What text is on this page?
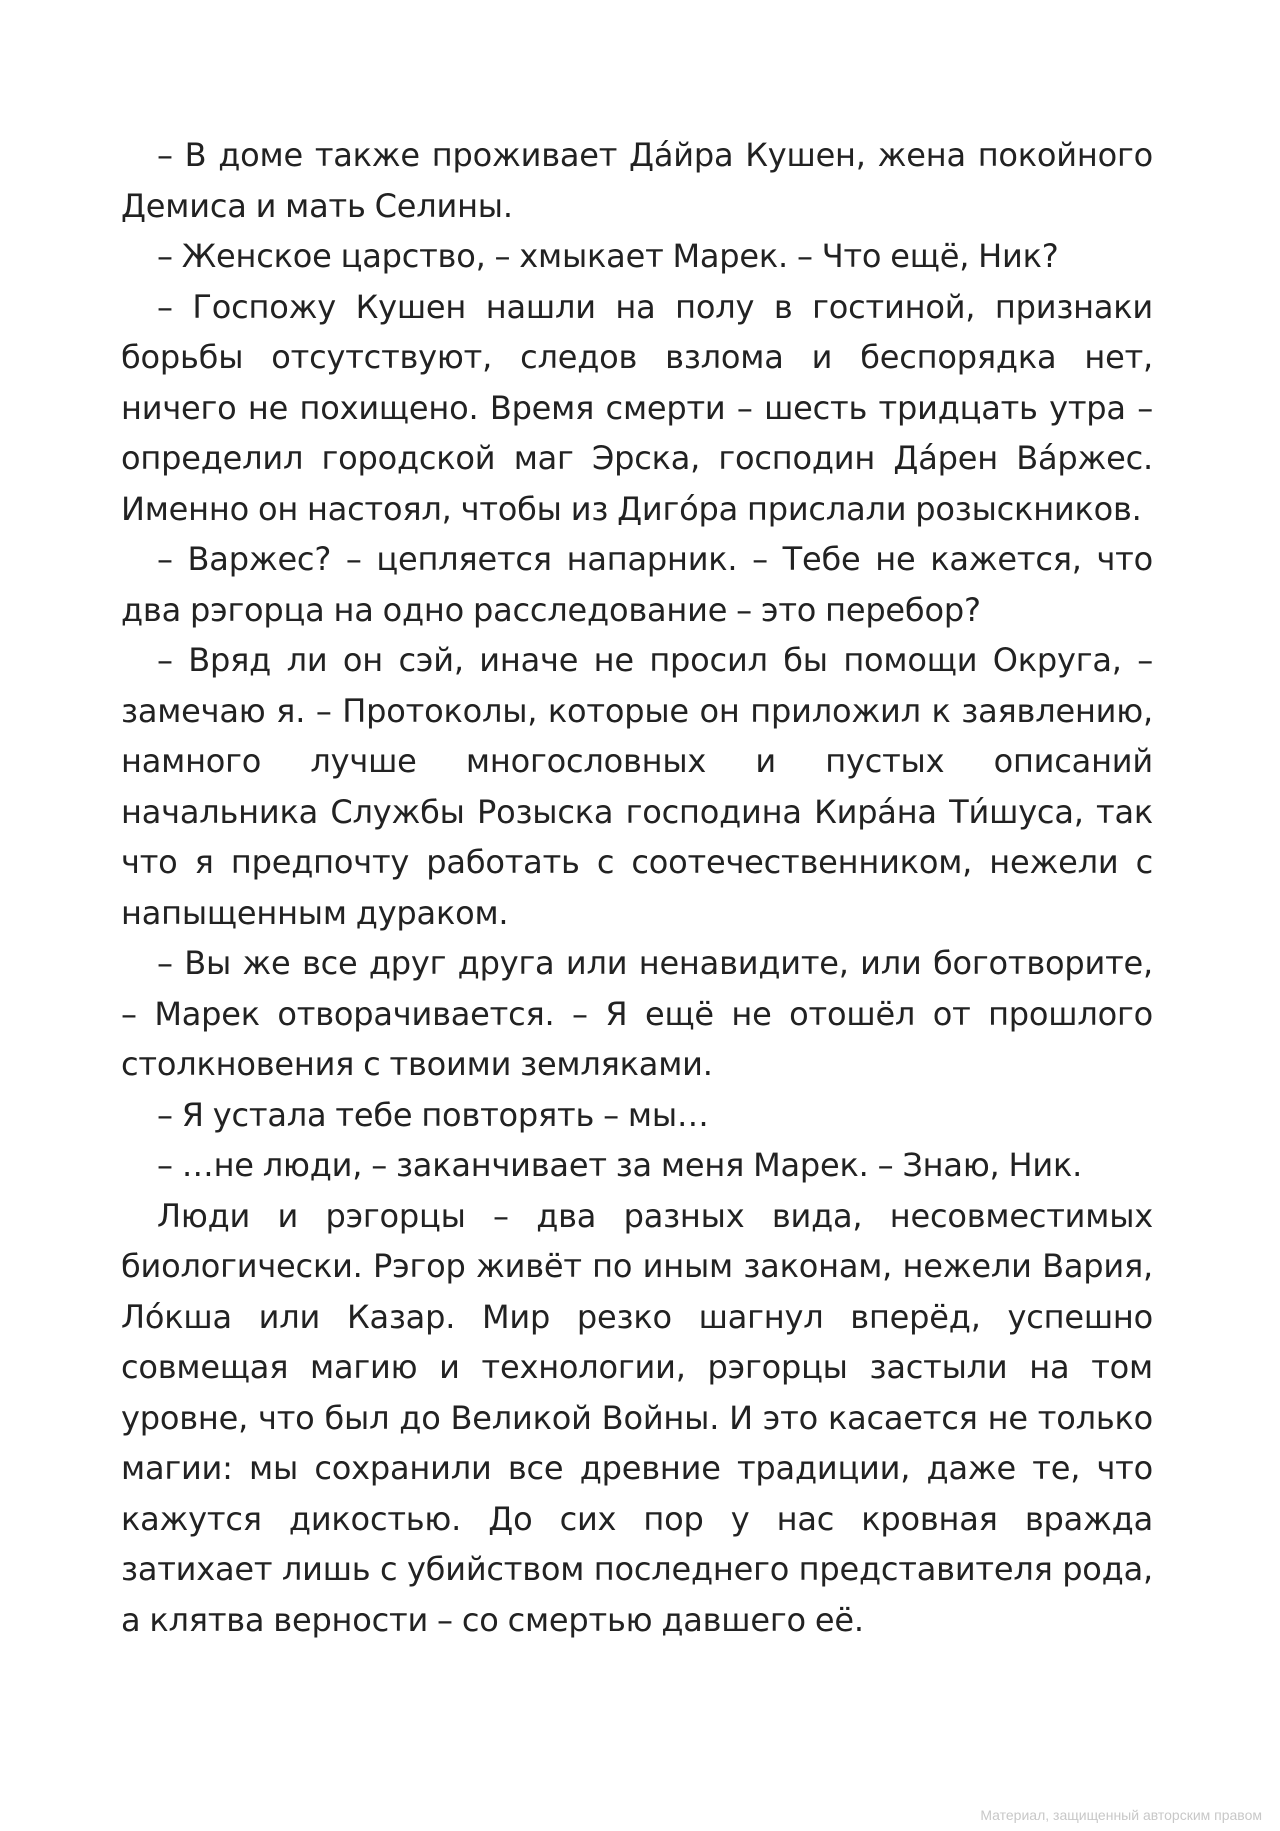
– В доме также проживает Да́йра Кушен, жена покойного Демиса и мать Селины.

– Женское царство, – хмыкает Марек. – Что ещё, Ник?

– Госпожу Кушен нашли на полу в гостиной, признаки борьбы отсутствуют, следов взлома и беспорядка нет, ничего не похищено. Время смерти – шесть тридцать утра – определил городской маг Эрска, господин Да́рен Ва́ржес. Именно он настоял, чтобы из Диго́ра прислали розыскников.

– Варжес? – цепляется напарник. – Тебе не кажется, что два рэгорца на одно расследование – это перебор?

– Вряд ли он сэй, иначе не просил бы помощи Округа, – замечаю я. – Протоколы, которые он приложил к заявлению, намного лучше многословных и пустых описаний начальника Службы Розыска господина Кира́на Ти́шуса, так что я предпочту работать с соотечественником, нежели с напыщенным дураком.

– Вы же все друг друга или ненавидите, или боготворите, – Марек отворачивается. – Я ещё не отошёл от прошлого столкновения с твоими земляками.

– Я устала тебе повторять – мы…

– …не люди, – заканчивает за меня Марек. – Знаю, Ник.

Люди и рэгорцы – два разных вида, несовместимых биологически. Рэгор живёт по иным законам, нежели Вария, Ло́кша или Казар. Мир резко шагнул вперёд, успешно совмещая магию и технологии, рэгорцы застыли на том уровне, что был до Великой Войны. И это касается не только магии: мы сохранили все древние традиции, даже те, что кажутся дикостью. До сих пор у нас кровная вражда затихает лишь с убийством последнего представителя рода, а клятва верности – со смертью давшего её.

Материал, защищенный авторским правом
